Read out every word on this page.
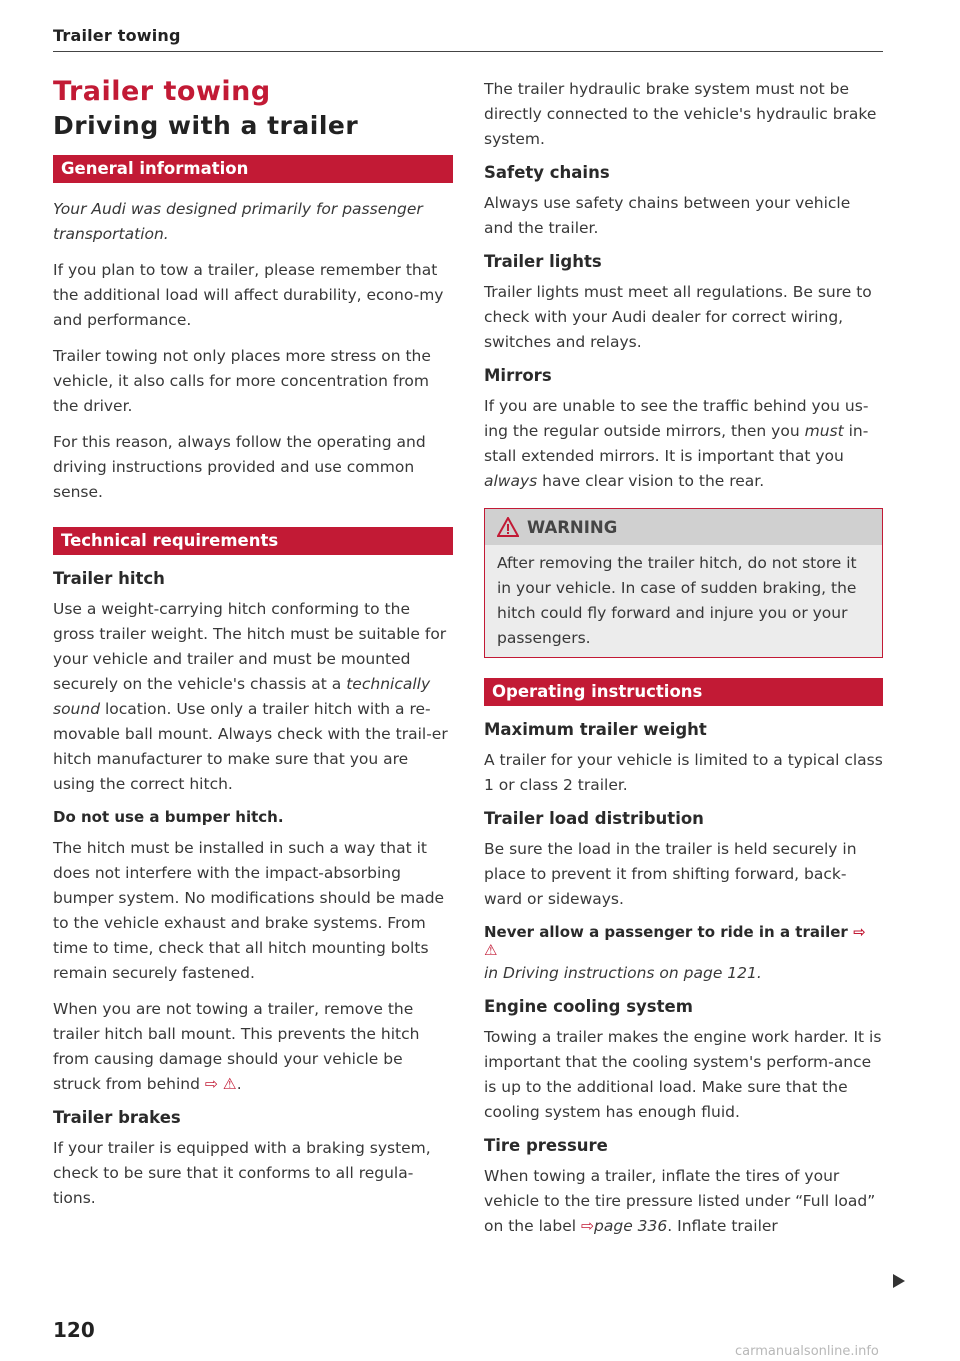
Trailer towing
Trailer towing
Driving with a trailer
General information

Your Audi was designed primarily for passenger transportation.

If you plan to tow a trailer, please remember that the additional load will affect durability, econo-my and performance.

Trailer towing not only places more stress on the vehicle, it also calls for more concentration from the driver.

For this reason, always follow the operating and driving instructions provided and use common sense.

Technical requirements
Trailer hitch

Use a weight-carrying hitch conforming to the gross trailer weight. The hitch must be suitable for your vehicle and trailer and must be mounted securely on the vehicle's chassis at a technically sound location. Use only a trailer hitch with a re-movable ball mount. Always check with the trail-er hitch manufacturer to make sure that you are using the correct hitch.

Do not use a bumper hitch.

The hitch must be installed in such a way that it does not interfere with the impact-absorbing bumper system. No modifications should be made to the vehicle exhaust and brake systems. From time to time, check that all hitch mounting bolts remain securely fastened.

When you are not towing a trailer, remove the trailer hitch ball mount. This prevents the hitch from causing damage should your vehicle be struck from behind ⇨ ⚠.

Trailer brakes

If your trailer is equipped with a braking system, check to be sure that it conforms to all regula-tions.

The trailer hydraulic brake system must not be directly connected to the vehicle's hydraulic brake system.

Safety chains

Always use safety chains between your vehicle and the trailer.

Trailer lights

Trailer lights must meet all regulations. Be sure to check with your Audi dealer for correct wiring, switches and relays.

Mirrors

If you are unable to see the traffic behind you us-ing the regular outside mirrors, then you must in-stall extended mirrors. It is important that you always have clear vision to the rear.

WARNING

After removing the trailer hitch, do not store it in your vehicle. In case of sudden braking, the hitch could fly forward and injure you or your passengers.

Operating instructions
Maximum trailer weight

A trailer for your vehicle is limited to a typical class 1 or class 2 trailer.

Trailer load distribution

Be sure the load in the trailer is held securely in place to prevent it from shifting forward, back-ward or sideways.

Never allow a passenger to ride in a trailer ⇨ ⚠

in Driving instructions on page 121.

Engine cooling system

Towing a trailer makes the engine work harder. It is important that the cooling system's perform-ance is up to the additional load. Make sure that the cooling system has enough fluid.

Tire pressure

When towing a trailer, inflate the tires of your vehicle to the tire pressure listed under “Full load” on the label ⇨page 336. Inflate trailer

120
carmanualsonline.info
